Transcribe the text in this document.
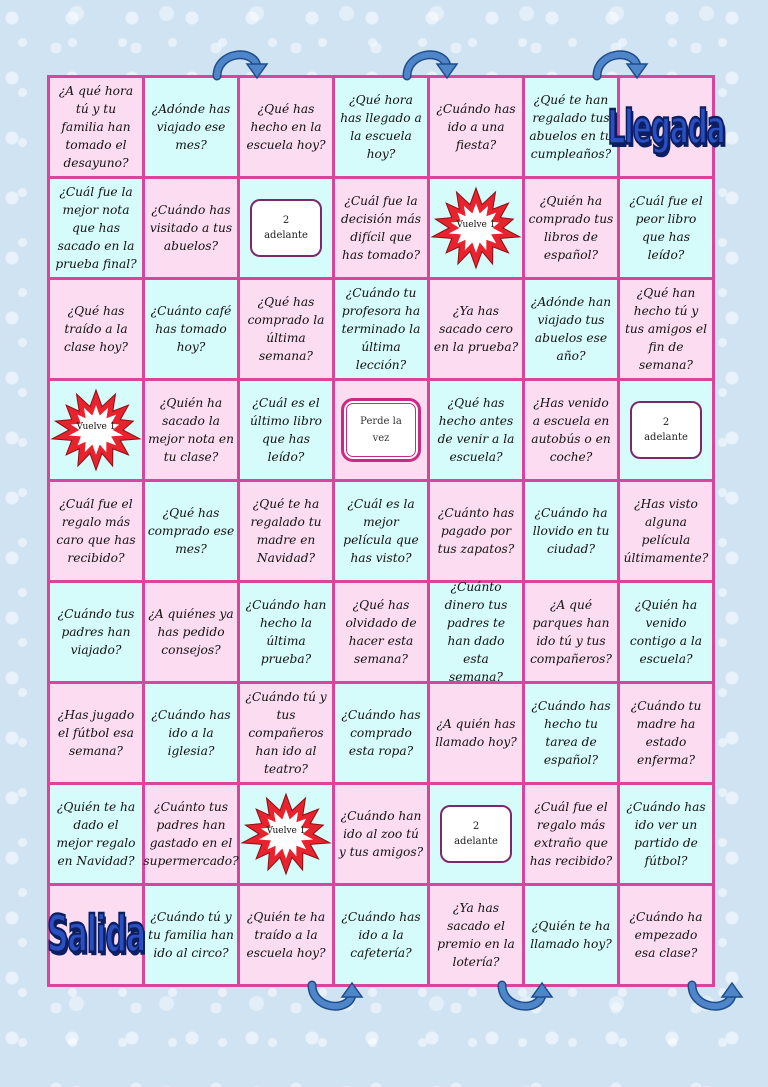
¿A qué hora
tú y tu
familia han
tomado el
desayuno?
¿Adónde has
viajado ese
mes?
¿Qué has
hecho en la
escuela hoy?
¿Qué hora
has llegado a
la escuela
hoy?
¿Cuándo has
ido a una
fiesta?
¿Qué te han
regalado tus
abuelos en tu
cumpleaños?
Llegada
¿Cuál fue la
mejor nota
que has
sacado en la
prueba final?
¿Cuándo has
visitado a tus
abuelos?
2
adelante
¿Cuál fue la
decisión más
difícil que
has tomado?
Vuelve 1
¿Quién ha
comprado tus
libros de
español?
¿Cuál fue el
peor libro
que has
leído?
¿Qué has
traído a la
clase hoy?
¿Cuánto café
has tomado
hoy?
¿Qué has
comprado la
última
semana?
¿Cuándo tu
profesora ha
terminado la
última
lección?
¿Ya has
sacado cero
en la prueba?
¿Adónde han
viajado tus
abuelos ese
año?
¿Qué han
hecho tú y
tus amigos el
fin de
semana?
Vuelve 1
¿Quién ha
sacado la
mejor nota en
tu clase?
¿Cuál es el
último libro
que has
leído?
Perde la
vez
¿Qué has
hecho antes
de venir a la
escuela?
¿Has venido
a escuela en
autobús o en
coche?
2
adelante
¿Cuál fue el
regalo más
caro que has
recibido?
¿Qué has
comprado ese
mes?
¿Qué te ha
regalado tu
madre en
Navidad?
¿Cuál es la
mejor
película que
has visto?
¿Cuánto has
pagado por
tus zapatos?
¿Cuándo ha
llovido en tu
ciudad?
¿Has visto
alguna
película
últimamente?
¿Cuándo tus
padres han
viajado?
¿A quiénes ya
has pedido
consejos?
¿Cuándo han
hecho la
última
prueba?
¿Qué has
olvidado de
hacer esta
semana?
¿Cuánto
dinero tus
padres te
han dado
esta
semana?
¿A qué
parques han
ido tú y tus
compañeros?
¿Quién ha
venido
contigo a la
escuela?
¿Has jugado
el fútbol esa
semana?
¿Cuándo has
ido a la iglesia?
¿Cuándo tú y
tus
compañeros
han ido al
teatro?
¿Cuándo has
comprado
esta ropa?
¿A quién has
llamado hoy?
¿Cuándo has
hecho tu
tarea de
español?
¿Cuándo tu
madre ha
estado
enferma?
¿Quién te ha
dado el
mejor regalo
en Navidad?
¿Cuánto tus
padres han
gastado en el
supermercado?
Vuelve 1
¿Cuándo han
ido al zoo tú
y tus amigos?
2
adelante
¿Cuál fue el
regalo más
extraño que
has recibido?
¿Cuándo has
ido ver un
partido de
fútbol?
Salida ¿Cuándo tú y
tu familia han
ido al circo?
¿Quién te ha
traído a la
escuela hoy?
¿Cuándo has
ido a la
cafetería?
¿Ya has
sacado el
premio en la
lotería?
¿Quién te ha
llamado hoy?
¿Cuándo ha
empezado
esa clase?
